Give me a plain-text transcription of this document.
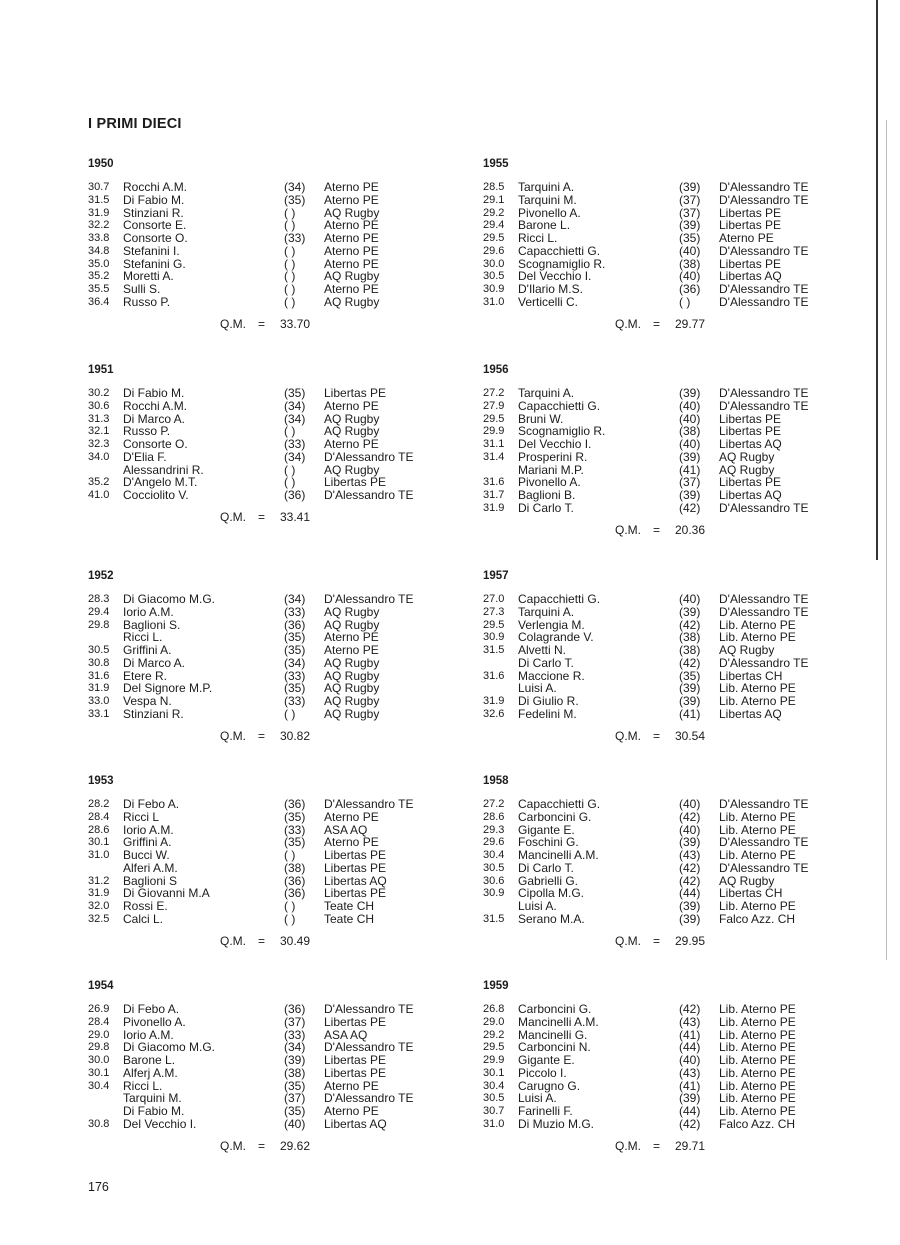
I PRIMI DIECI
1950
30.7 Rocchi A.M.	(34) Aterno PE
31.5 Di Fabio M.	(35) Aterno PE
31.9 Stinziani R.	( ) AQ Rugby
32.2 Consorte E.	( ) Aterno PE
33.8 Consorte O.	(33) Aterno PE
34.8 Stefanini I.	( ) Aterno PE
35.0 Stefanini G.	( ) Aterno PE
35.2 Moretti A.	( ) AQ Rugby
35.5 Sulli S.	( ) Aterno PE
36.4 Russo P.	( ) AQ Rugby
Q.M. = 33.70
1955
28.5 Tarquini A.	(39) D'Alessandro TE
29.1 Tarquini M.	(37) D'Alessandro TE
29.2 Pivonello A.	(37) Libertas PE
29.4 Barone L.	(39) Libertas PE
29.5 Ricci L.	(35) Aterno PE
29.6 Capacchietti G.	(40) D'Alessandro TE
30.0 Scognamiglio R.	(38) Libertas PE
30.5 Del Vecchio I.	(40) Libertas AQ
30.9 D'Ilario M.S.	(36) D'Alessandro TE
31.0 Verticelli C.	( ) D'Alessandro TE
Q.M. = 29.77
1951
30.2 Di Fabio M.	(35) Libertas PE
30.6 Rocchi A.M.	(34) Aterno PE
31.3 Di Marco A.	(34) AQ Rugby
32.1 Russo P.	( ) AQ Rugby
32.3 Consorte O.	(33) Aterno PE
34.0 D'Elia F.	(34) D'Alessandro TE
Alessandrini R.	( ) AQ Rugby
35.2 D'Angelo M.T.	( ) Libertas PE
41.0 Cocciolito V.	(36) D'Alessandro TE
Q.M. = 33.41
1956
27.2 Tarquini A.	(39) D'Alessandro TE
27.9 Capacchietti G.	(40) D'Alessandro TE
29.5 Bruni W.	(40) Libertas PE
29.9 Scognamiglio R.	(38) Libertas PE
31.1 Del Vecchio I.	(40) Libertas AQ
31.4 Prosperini R.	(39) AQ Rugby
Mariani M.P.	(41) AQ Rugby
31.6 Pivonello A.	(37) Libertas PE
31.7 Baglioni B.	(39) Libertas AQ
31.9 Di Carlo T.	(42) D'Alessandro TE
Q.M. = 20.36
1952
28.3 Di Giacomo M.G.	(34) D'Alessandro TE
29.4 Iorio A.M.	(33) AQ Rugby
29.8 Baglioni S.	(36) AQ Rugby
Ricci L.	(35) Aterno PE
30.5 Griffini A.	(35) Aterno PE
30.8 Di Marco A.	(34) AQ Rugby
31.6 Etere R.	(33) AQ Rugby
31.9 Del Signore M.P.	(35) AQ Rugby
33.0 Vespa N.	(33) AQ Rugby
33.1 Stinziani R.	( ) AQ Rugby
Q.M. = 30.82
1957
27.0 Capacchietti G.	(40) D'Alessandro TE
27.3 Tarquini A.	(39) D'Alessandro TE
29.5 Verlengia M.	(42) Lib. Aterno PE
30.9 Colagrande V.	(38) Lib. Aterno PE
31.5 Alvetti N.	(38) AQ Rugby
Di Carlo T.	(42) D'Alessandro TE
31.6 Maccione R.	(35) Libertas CH
Luisi A.	(39) Lib. Aterno PE
31.9 Di Giulio R.	(39) Lib. Aterno PE
32.6 Fedelini M.	(41) Libertas AQ
Q.M. = 30.54
1953
28.2 Di Febo A.	(36) D'Alessandro TE
28.4 Ricci L	(35) Aterno PE
28.6 Iorio A.M.	(33) ASA AQ
30.1 Griffini A.	(35) Aterno PE
31.0 Bucci W.	( ) Libertas PE
Alferi A.M.	(38) Libertas PE
31.2 Baglioni S	(36) Libertas AQ
31.9 Di Giovanni M.A	(36) Libertas PE
32.0 Rossi E.	( ) Teate CH
32.5 Calci L.	( ) Teate CH
Q.M. = 30.49
1958
27.2 Capacchietti G.	(40) D'Alessandro TE
28.6 Carboncini G.	(42) Lib. Aterno PE
29.3 Gigante E.	(40) Lib. Aterno PE
29.6 Foschini G.	(39) D'Alessandro TE
30.4 Mancinelli A.M.	(43) Lib. Aterno PE
30.5 Di Carlo T.	(42) D'Alessandro TE
30.6 Gabrielli G.	(42) AQ Rugby
30.9 Cipolla M.G.	(44) Libertas CH
Luisi A.	(39) Lib. Aterno PE
31.5 Serano M.A.	(39) Falco Azz. CH
Q.M. = 29.95
1954
26.9 Di Febo A.	(36) D'Alessandro TE
28.4 Pivonello A.	(37) Libertas PE
29.0 Iorio A.M.	(33) ASA AQ
29.8 Di Giacomo M.G.	(34) D'Alessandro TE
30.0 Barone L.	(39) Libertas PE
30.1 Alferj A.M.	(38) Libertas PE
30.4 Ricci L.	(35) Aterno PE
Tarquini M.	(37) D'Alessandro TE
Di Fabio M.	(35) Aterno PE
30.8 Del Vecchio I.	(40) Libertas AQ
Q.M. = 29.62
1959
26.8 Carboncini G.	(42) Lib. Aterno PE
29.0 Mancinelli A.M.	(43) Lib. Aterno PE
29.2 Mancinelli G.	(41) Lib. Aterno PE
29.5 Carboncini N.	(44) Lib. Aterno PE
29.9 Gigante E.	(40) Lib. Aterno PE
30.1 Piccolo I.	(43) Lib. Aterno PE
30.4 Carugno G.	(41) Lib. Aterno PE
30.5 Luisi A.	(39) Lib. Aterno PE
30.7 Farinelli F.	(44) Lib. Aterno PE
31.0 Di Muzio M.G.	(42) Falco Azz. CH
Q.M. = 29.71
176
